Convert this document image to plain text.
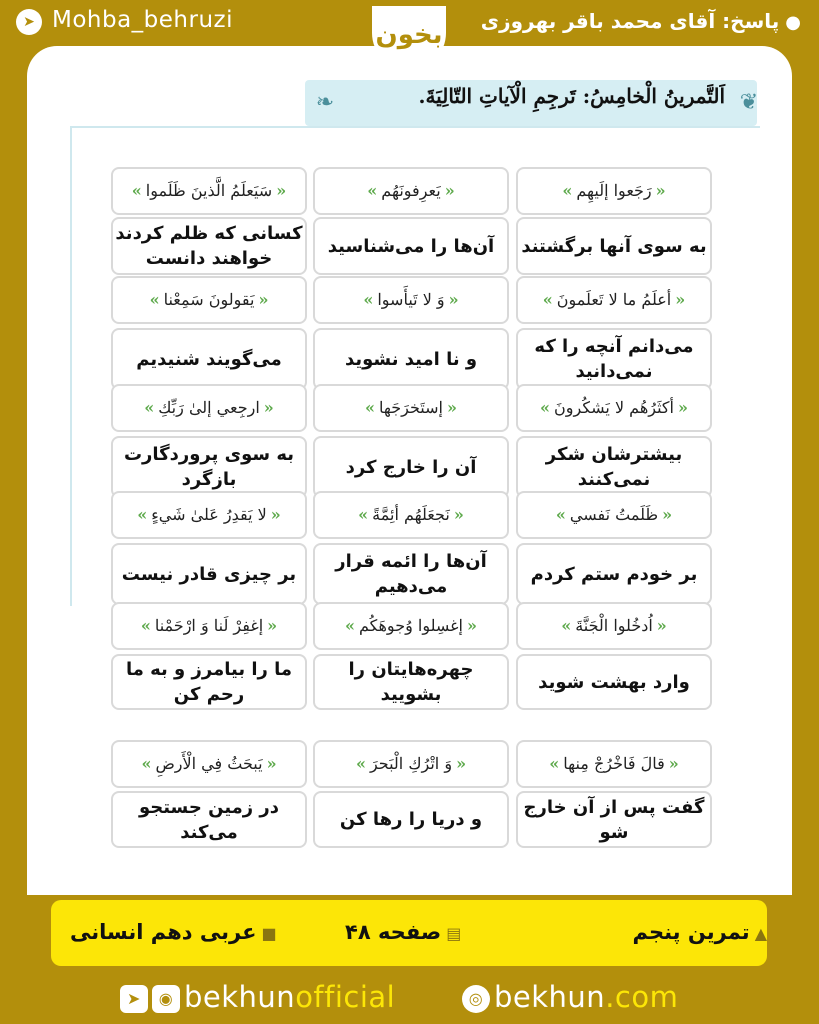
➤ Mohba_behruzi	●پاسخ: آقای محمد باقر بهروزی
بخون
❧	❦
اَلتَّمرينُ الْخامِسُ: تَرجِمِ الْآياتِ التّالِيَةَ.
«رَجَعوا إلَيهِم»
به سوی آنها برگشتند
«يَعرِفونَهُم»
آن‌ها را می‌شناسید
«سَيَعلَمُ الَّذينَ ظَلَموا»
کسانی که ظلم کردند خواهند دانست
«أعلَمُ ما لا تَعلَمونَ»
می‌دانم آنچه را که نمی‌دانید
«وَ لا تَيأَسوا»
و نا امید نشوید
«يَقولونَ سَمِعْنا»
می‌گویند شنیدیم
«أكثَرُهُم لا يَشكُرونَ»
بیشترشان شکر نمی‌کنند
«إستَخرَجَها»
آن را خارج کرد
«ارجِعي إلىٰ رَبِّكِ»
به سوی پروردگارت بازگرد
«ظَلَمتُ نَفسي»
بر خودم ستم کردم
«نَجعَلَهُم أئِمَّةً»
آن‌ها را ائمه قرار می‌دهیم
«لا يَقدِرُ عَلىٰ شَيءٍ»
بر چیزی قادر نیست
«اُدخُلوا الْجَنَّةَ»
وارد بهشت شوید
«إغسِلوا وُجوهَكُم»
چهره‌هایتان را بشویید
«إغفِرْ لَنا وَ ارْحَمْنا»
ما را بیامرز و به ما رحم کن
«قالَ فَاخْرُجْ مِنها»
گفت پس از آن خارج شو
«وَ اتْرُكِ الْبَحرَ»
و دریا را رها کن
«يَبحَثُ فِي الْأَرضِ»
در زمین جستجو می‌کند
▲تمرین پنجم
▤صفحه ۴۸
■عربی دهم انسانی
➤ ◉ bekhunofficial	◎ bekhun.com
